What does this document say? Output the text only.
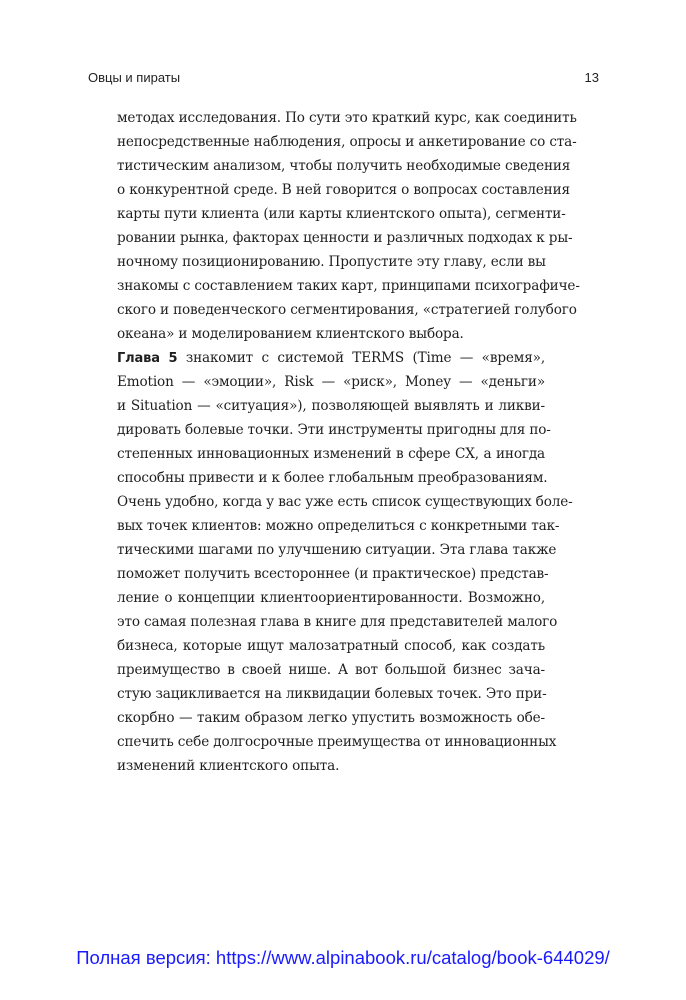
Овцы и пираты	13
методах исследования. По сути это краткий курс, как соединить
непосредственные наблюдения, опросы и анкетирование со ста-
тистическим анализом, чтобы получить необходимые сведения
о конкурентной среде. В ней говорится о вопросах составления
карты пути клиента (или карты клиентского опыта), сегменти-
ровании рынка, факторах ценности и различных подходах к ры-
ночному позиционированию. Пропустите эту главу, если вы
знакомы с составлением таких карт, принципами психографиче-
ского и поведенческого сегментирования, «стратегией голубого
океана» и моделированием клиентского выбора.
Глава 5 знакомит с системой TERMS (Time — «время»,
Emotion — «эмоции», Risk — «риск», Money — «деньги»
и Situation — «ситуация»), позволяющей выявлять и ликви-
дировать болевые точки. Эти инструменты пригодны для по-
степенных инновационных изменений в сфере CX, а иногда
способны привести и к более глобальным преобразованиям.
Очень удобно, когда у вас уже есть список существующих боле-
вых точек клиентов: можно определиться с конкретными так-
тическими шагами по улучшению ситуации. Эта глава также
поможет получить всестороннее (и практическое) представ-
ление о концепции клиентоориентированности. Возможно,
это самая полезная глава в книге для представителей малого
бизнеса, которые ищут малозатратный способ, как создать
преимущество в своей нише. А вот большой бизнес зача-
стую зацикливается на ликвидации болевых точек. Это при-
скорбно — таким образом легко упустить возможность обе-
спечить себе долгосрочные преимущества от инновационных
изменений клиентского опыта.
Полная версия: https://www.alpinabook.ru/catalog/book-644029/
